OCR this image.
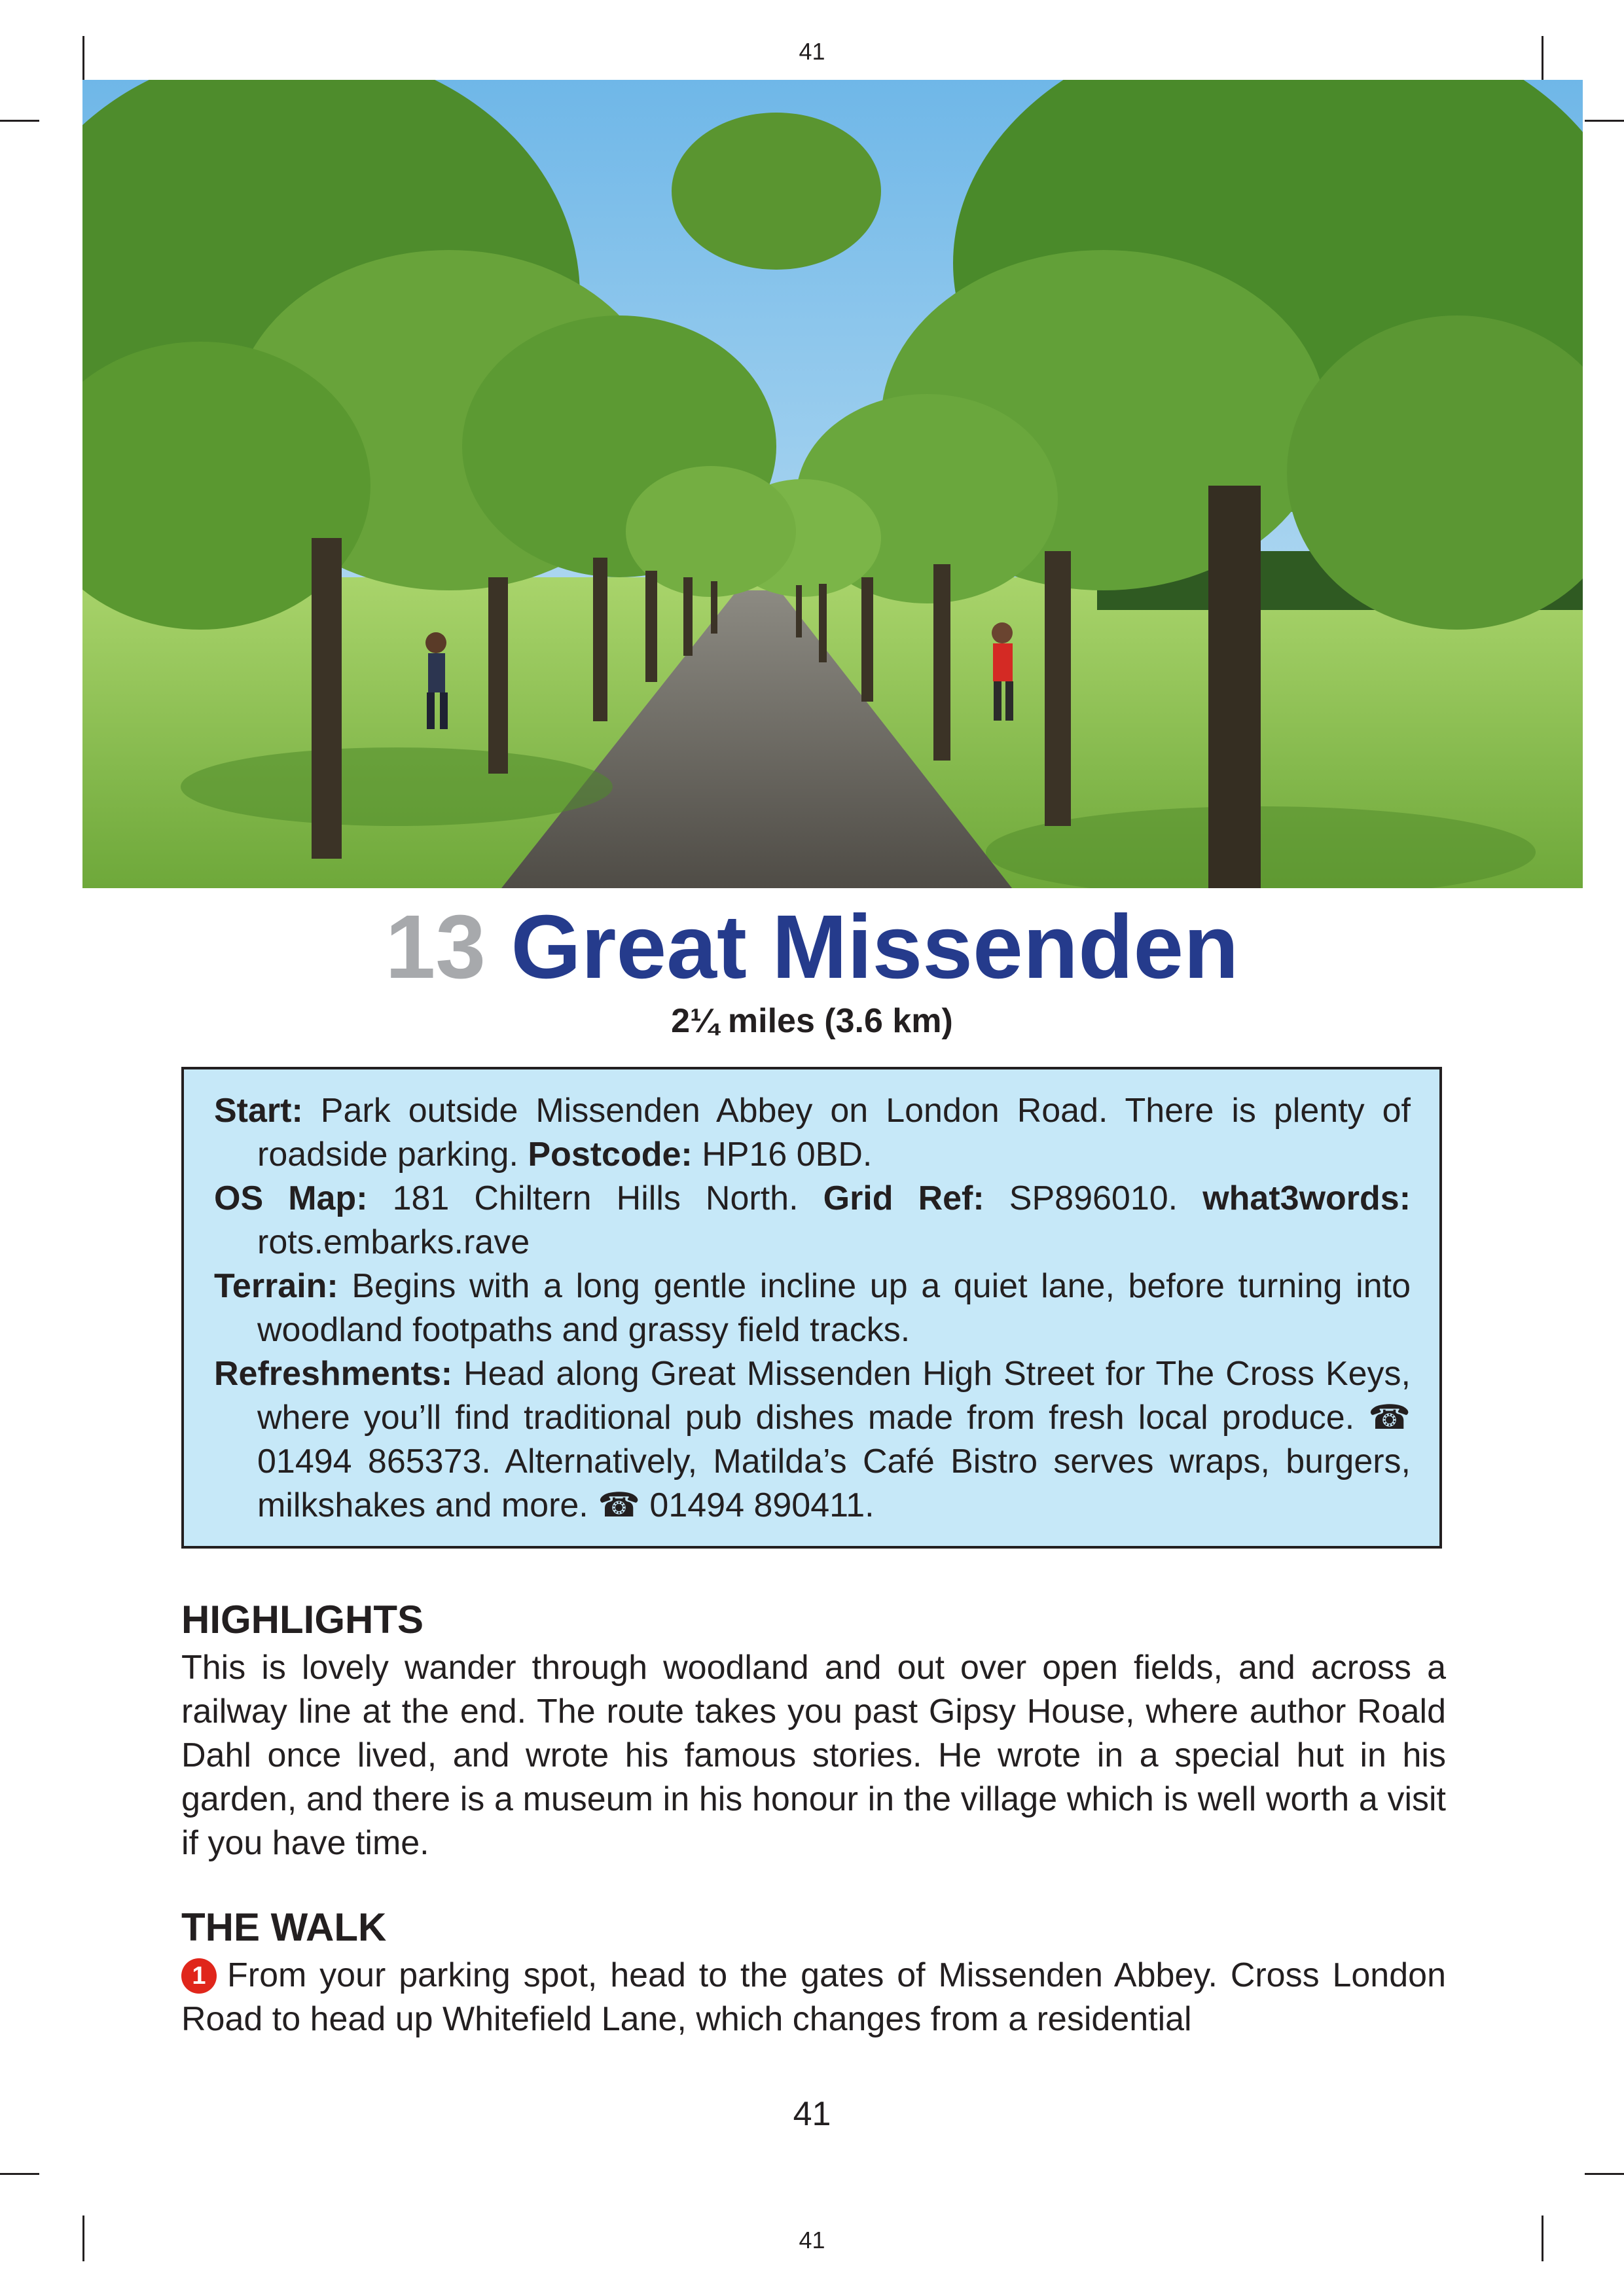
41
13 Great Missenden
2¼ miles (3.6 km)

Start: Park outside Missenden Abbey on London Road. There is plenty of roadside parking. Postcode: HP16 0BD.

OS Map: 181 Chiltern Hills North. Grid Ref: SP896010. what3words: rots.embarks.rave

Terrain: Begins with a long gentle incline up a quiet lane, before turning into woodland footpaths and grassy field tracks.

Refreshments: Head along Great Missenden High Street for The Cross Keys, where you’ll find traditional pub dishes made from fresh local produce. ☎ 01494 865373. Alternatively, Matilda’s Café Bistro serves wraps, burgers, milkshakes and more. ☎ 01494 890411.

HIGHLIGHTS

This is lovely wander through woodland and out over open fields, and across a railway line at the end. The route takes you past Gipsy House, where author Roald Dahl once lived, and wrote his famous stories. He wrote in a special hut in his garden, and there is a museum in his honour in the village which is well worth a visit if you have time.

THE WALK

1 From your parking spot, head to the gates of Missenden Abbey. Cross London Road to head up Whitefield Lane, which changes from a residential

41
41
